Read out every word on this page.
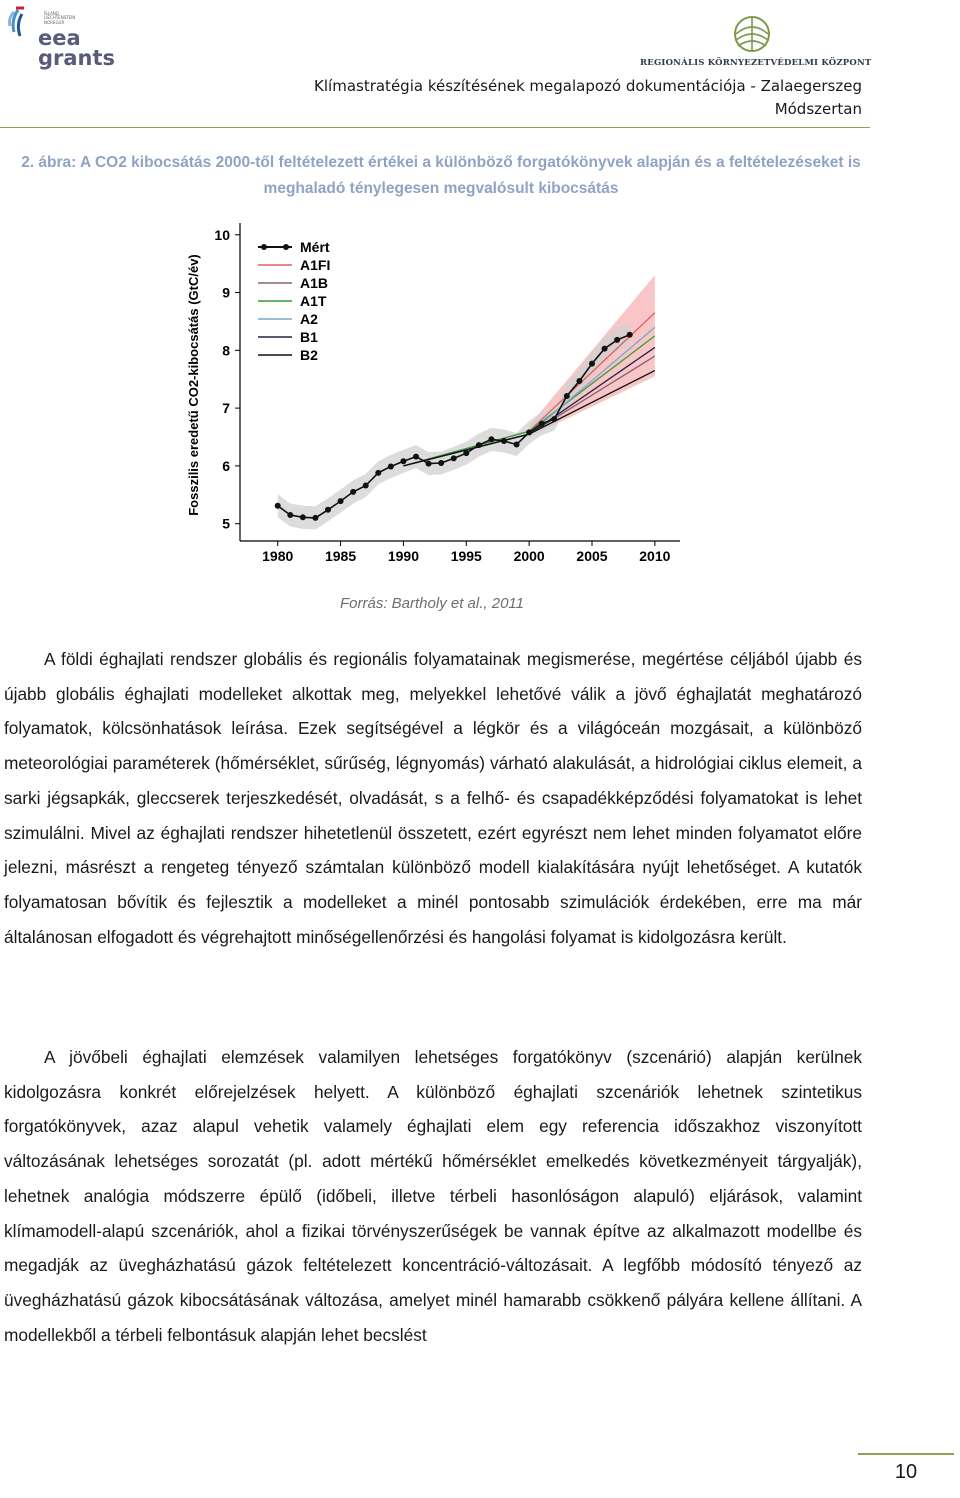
ÍSLAND LIECHTENSTEIN NOREGUR
eea
grants	REGIONÁLIS KÖRNYEZETVÉDELMI KÖZPONT
Klímastratégia készítésének megalapozó dokumentációja - Zalaegerszeg
Módszertan
2. ábra: A CO2 kibocsátás 2000-től feltételezett értékei a különböző forgatókönyvek alapján és a feltételezéseket is meghaladó ténylegesen megvalósult kibocsátás
1980 1985 1990 1995 2000 2005 2010
5
6
7
8
9
10
Fosszilis eredetű CO2-kibocsátás (GtC/év)
Mért
A1FI
A1B
A1T
A2
B1
B2
Forrás: Bartholy et al., 2011

A földi éghajlati rendszer globális és regionális folyamatainak megismerése, megértése céljából újabb és újabb globális éghajlati modelleket alkottak meg, melyekkel lehetővé válik a jövő éghajlatát meghatározó folyamatok, kölcsönhatások leírása. Ezek segítségével a légkör és a világóceán mozgásait, a különböző meteorológiai paraméterek (hőmérséklet, sűrűség, légnyomás) várható alakulását, a hidrológiai ciklus elemeit, a sarki jégsapkák, gleccserek terjeszkedését, olvadását, s a felhő- és csapadékképződési folyamatokat is lehet szimulálni. Mivel az éghajlati rendszer hihetetlenül összetett, ezért egyrészt nem lehet minden folyamatot előre jelezni, másrészt a rengeteg tényező számtalan különböző modell kialakítására nyújt lehetőséget. A kutatók folyamatosan bővítik és fejlesztik a modelleket a minél pontosabb szimulációk érdekében, erre ma már általánosan elfogadott és végrehajtott minőségellenőrzési és hangolási folyamat is kidolgozásra került.

A jövőbeli éghajlati elemzések valamilyen lehetséges forgatókönyv (szcenárió) alapján kerülnek kidolgozásra konkrét előrejelzések helyett. A különböző éghajlati szcenáriók lehetnek szintetikus forgatókönyvek, azaz alapul vehetik valamely éghajlati elem egy referencia időszakhoz viszonyított változásának lehetséges sorozatát (pl. adott mértékű hőmérséklet emelkedés következményeit tárgyalják), lehetnek analógia módszerre épülő (időbeli, illetve térbeli hasonlóságon alapuló) eljárások, valamint klímamodell-alapú szcenáriók, ahol a fizikai törvényszerűségek be vannak építve az alkalmazott modellbe és megadják az üvegházhatású gázok feltételezett koncentráció-változásait. A legfőbb módosító tényező az üvegházhatású gázok kibocsátásának változása, amelyet minél hamarabb csökkenő pályára kellene állítani. A modellekből a térbeli felbontásuk alapján lehet becslést

10
